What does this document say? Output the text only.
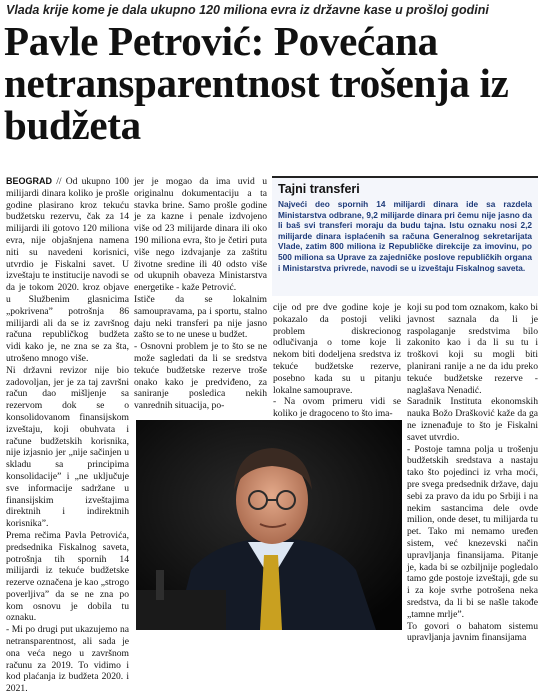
Vlada krije kome je dala ukupno 120 miliona evra iz državne kase u prošloj godini
Pavle Petrović: Povećana netransparentnost trošenja iz budžeta

BEOGRAD // Od ukupno 100 milijardi dinara koliko je prošle godine plasirano kroz tekuću budžetsku rezervu, čak za 14 milijardi ili gotovo 120 miliona evra, nije objašnjena namena niti su navedeni korisnici, utvrdio je Fiskalni savet. U izveštaju te institucije navodi se da je tokom 2020. kroz objave u Službenim glasnicima „pokrivena” potrošnja 86 milijardi ali da se iz završnog računa republičkog budžeta vidi kako je, ne zna se za šta, utrošeno mnogo više.

Ni državni revizor nije bio zadovoljan, jer je za taj završni račun dao mišljenje sa rezervom dok se o konsolidovanom finansijskom izveštaju, koji obuhvata i račune budžetskih korisnika, nije izjasnio jer „nije sačinjen u skladu sa principima konsolidacije” i „ne uključuje sve informacije sadržane u finansijskim izveštajima direktnih i indirektnih korisnika”.

Prema rečima Pavla Petrovića, predsednika Fiskalnog saveta, potrošnja tih spornih 14 milijardi iz tekuće budžetske rezerve označena je kao „strogo poverljiva” da se ne zna po kom osnovu je dobila tu oznaku.

- Mi po drugi put ukazujemo na netransparentnost, ali sada je ona veća nego u završnom računu za 2019. To vidimo i kod plaćanja iz budžeta 2020. i 2021.

jer je mogao da ima uvid u originalnu dokumentaciju a ta stavka brine. Samo prošle godine je za kazne i penale izdvojeno više od 23 milijarde dinara ili oko 190 miliona evra, što je četiri puta više nego izdvajanje za zaštitu životne sredine ili 40 odsto više od ukupnih obaveza Ministarstva energetike - kaže Petrović.

Ističe da se lokalnim samoupravama, pa i sportu, stalno daju neki transferi pa nije jasno zašto se to ne unese u budžet.

- Osnovni problem je to što se ne može sagledati da li se sredstva tekuće budžetske rezerve troše onako kako je predviđeno, za saniranje posledica nekih vanrednih situacija, po-

Tajni transferi
Najveći deo spornih 14 milijardi dinara ide sa razdela Ministarstva odbrane, 9,2 milijarde dinara pri čemu nije jasno da li baš svi transferi moraju da budu tajna. Istu oznaku nosi 2,2 milijarde dinara isplaćenih sa računa Generalnog sekretarijata Vlade, zatim 800 miliona iz Republičke direkcije za imovinu, po 500 miliona sa Uprave za zajedničke poslove republičkih organa i Ministarstva privrede, navodi se u izveštaju Fiskalnog saveta.

cije od pre dve godine koje je pokazalo da postoji veliki problem diskrecionog odlučivanja o tome koje li nekom biti dodeljena sredstva iz tekuće budžetske rezerve, posebno kada su u pitanju lokalne samouprave.

- Na ovom primeru vidi se koliko je dragoceno to što ima-

koji su pod tom oznakom, kako bi javnost saznala da li je raspolaganje sredstvima bilo zakonito kao i da li su tu i troškovi koji su mogli biti planirani ranije a ne da idu preko tekuće budžetske rezerve -naglašava Nenadić.

Saradnik Instituta ekonomskih nauka Božo Drašković kaže da ga ne iznenađuje to što je Fiskalni savet utvrdio.

- Postoje tamna polja u trošenju budžetskih sredstava a nastaju tako što pojedinci iz vrha moći, pre svega predsednik države, daju sebi za pravo da idu po Srbiji i na nekim sastancima dele ovde milion, onde deset, tu milijarda tu pet. Tako mi nemamo uređen sistem, već knezevski način upravljanja finansijama. Pitanje je, kada bi se ozbiljnije pogledalo tamo gde postoje izveštaji, gde su i za koje svrhe potrošena neka sredstva, da li bi se našle takođe „tamne mrlje”.

To govori o bahatom sistemu upravljanja javnim finansijama
